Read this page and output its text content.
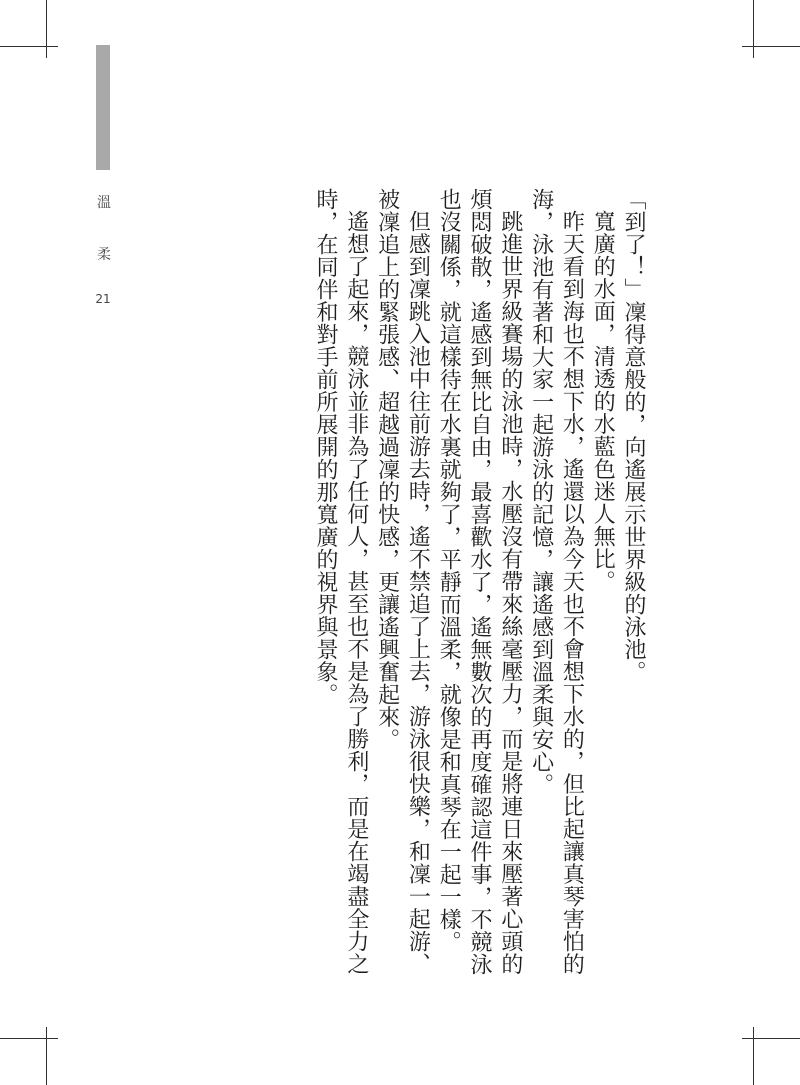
溫　柔  21	「到了！」凜得意般的，向遙展示世界級的泳池。

寬廣的水面，清透的水藍色迷人無比。

昨天看到海也不想下水，遙還以為今天也不會想下水的，但比起讓真琴害怕的海，泳池有著和大家一起游泳的記憶，讓遙感到溫柔與安心。

跳進世界級賽場的泳池時，水壓沒有帶來絲毫壓力，而是將連日來壓著心頭的煩悶破散，遙感到無比自由，最喜歡水了，遙無數次的再度確認這件事，不競泳也沒關係，就這樣待在水裏就夠了，平靜而溫柔，就像是和真琴在一起一樣。

但感到凜跳入池中往前游去時，遙不禁追了上去，游泳很快樂，和凜一起游、被凜追上的緊張感、超越過凜的快感，更讓遙興奮起來。

遙想了起來，競泳並非為了任何人，甚至也不是為了勝利，而是在竭盡全力之時，在同伴和對手前所展開的那寬廣的視界與景象。
